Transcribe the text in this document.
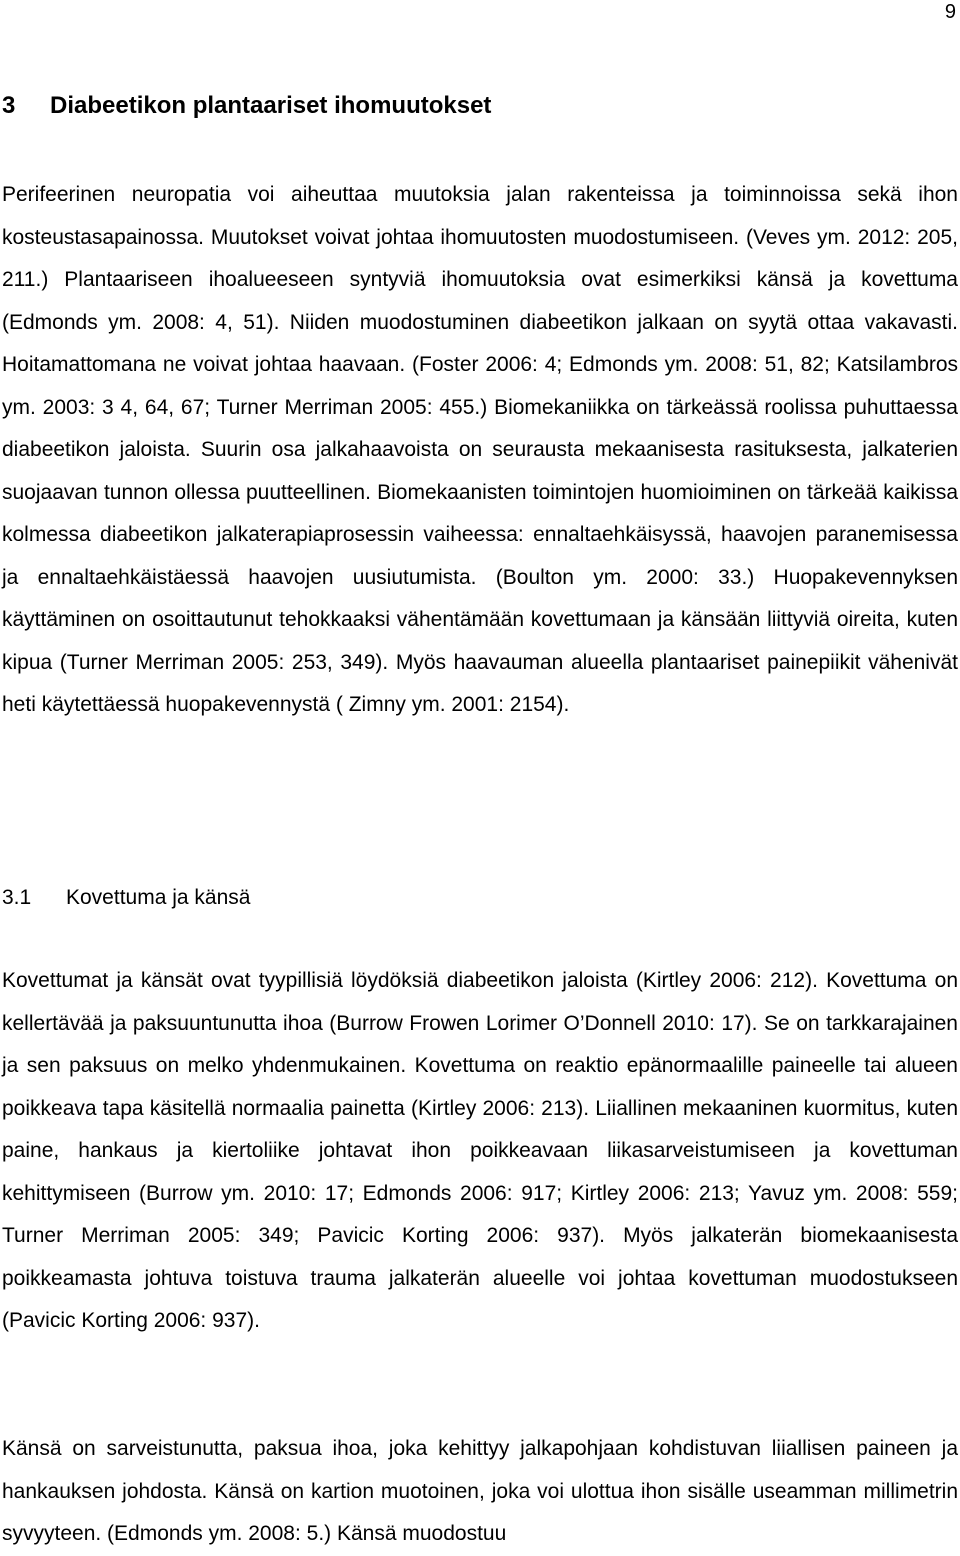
9
3 Diabeetikon plantaariset ihomuutokset

Perifeerinen neuropatia voi aiheuttaa muutoksia jalan rakenteissa ja toiminnoissa sekä ihon kosteustasapainossa. Muutokset voivat johtaa ihomuutosten muodostumiseen. (Veves ym. 2012: 205, 211.) Plantaariseen ihoalueeseen syntyviä ihomuutoksia ovat esimerkiksi känsä ja kovettuma (Edmonds ym. 2008: 4, 51). Niiden muodostuminen diabeetikon jalkaan on syytä ottaa vakavasti. Hoitamattomana ne voivat johtaa haavaan. (Foster 2006: 4; Edmonds ym. 2008: 51, 82; Katsilambros ym. 2003: 3 4, 64, 67; Turner Merriman 2005: 455.) Biomekaniikka on tärkeässä roolissa puhuttaessa diabeetikon jaloista. Suurin osa jalkahaavoista on seurausta mekaanisesta rasituksesta, jalkaterien suojaavan tunnon ollessa puutteellinen. Biomekaanisten toimintojen huomioiminen on tärkeää kaikissa kolmessa diabeetikon jalkaterapiaprosessin vaiheessa: ennaltaehkäisyssä, haavojen paranemisessa ja ennaltaehkäistäessä haavojen uusiutumista. (Boulton ym. 2000: 33.) Huopakevennyksen käyttäminen on osoittautunut tehokkaaksi vähentämään kovettumaan ja känsään liittyviä oireita, kuten kipua (Turner Merriman 2005: 253, 349). Myös haavauman alueella plantaariset painepiikit vähenivät heti käytettäessä huopakevennystä ( Zimny ym. 2001: 2154).

3.1 Kovettuma ja känsä

Kovettumat ja känsät ovat tyypillisiä löydöksiä diabeetikon jaloista (Kirtley 2006: 212). Kovettuma on kellertävää ja paksuuntunutta ihoa (Burrow Frowen Lorimer O’Donnell 2010: 17). Se on tarkkarajainen ja sen paksuus on melko yhdenmukainen. Kovettuma on reaktio epänormaalille paineelle tai alueen poikkeava tapa käsitellä normaalia painetta (Kirtley 2006: 213). Liiallinen mekaaninen kuormitus, kuten paine, hankaus ja kiertoliike johtavat ihon poikkeavaan liikasarveistumiseen ja kovettuman kehittymiseen (Burrow ym. 2010: 17; Edmonds 2006: 917; Kirtley 2006: 213; Yavuz ym. 2008: 559; Turner Merriman 2005: 349; Pavicic Korting 2006: 937). Myös jalkaterän biomekaanisesta poikkeamasta johtuva toistuva trauma jalkaterän alueelle voi johtaa kovettuman muodostukseen (Pavicic Korting 2006: 937).

Känsä on sarveistunutta, paksua ihoa, joka kehittyy jalkapohjaan kohdistuvan liiallisen paineen ja hankauksen johdosta. Känsä on kartion muotoinen, joka voi ulottua ihon sisälle useamman millimetrin syvyyteen. (Edmonds ym. 2008: 5.) Känsä muodostuu
